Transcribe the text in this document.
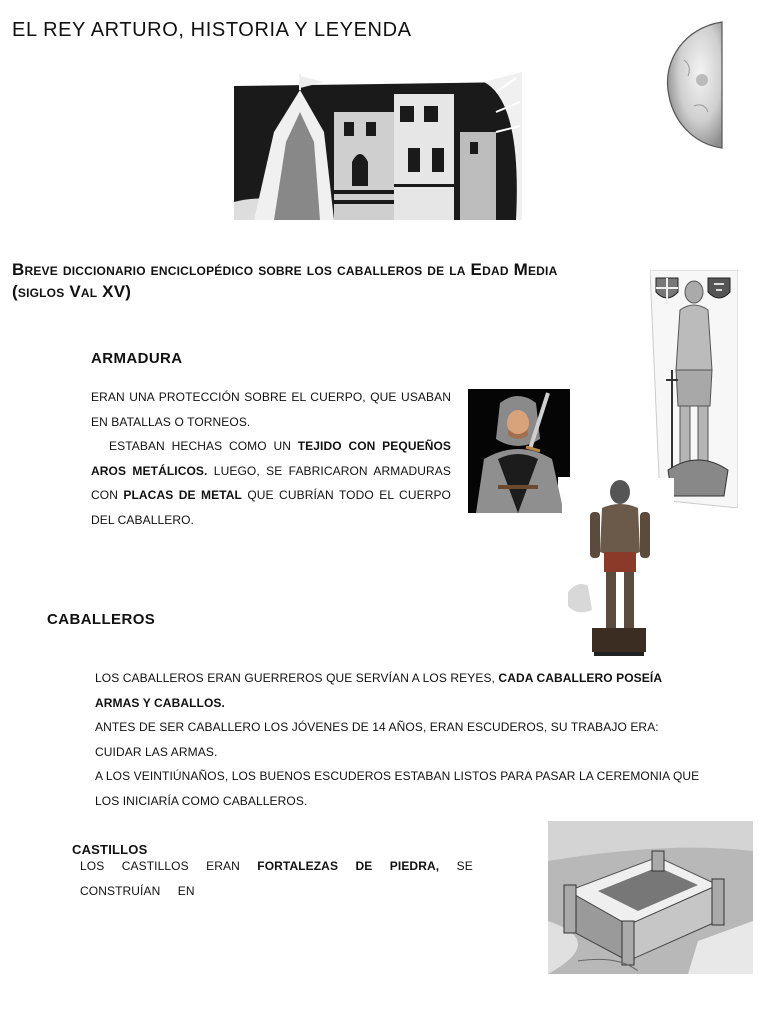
EL REY ARTURO, HISTORIA Y LEYENDA
Breve diccionario enciclopédico sobre los caballeros de la Edad Media
(siglos Val XV)
ARMADURA

ERAN UNA PROTECCIÓN SOBRE EL CUERPO, QUE USABAN EN BATALLAS O TORNEOS.

ESTABAN HECHAS COMO UN TEJIDO CON PEQUEÑOS AROS METÁLICOS. LUEGO, SE FABRICARON ARMADURAS CON PLACAS DE METAL QUE CUBRÍAN TODO EL CUERPO DEL CABALLERO.

CABALLEROS

LOS CABALLEROS ERAN GUERREROS QUE SERVÍAN A LOS REYES, CADA CABALLERO POSEÍA ARMAS Y CABALLOS.

ANTES DE SER CABALLERO LOS JÓVENES DE 14 AÑOS, ERAN ESCUDEROS, SU TRABAJO ERA: CUIDAR LAS ARMAS.

A LOS VEINTIÚNAÑOS, LOS BUENOS ESCUDEROS ESTABAN LISTOS PARA PASAR LA CEREMONIA QUE LOS INICIARÍA COMO CABALLEROS.

CASTILLOS
LOS CASTILLOS ERAN FORTALEZAS DE PIEDRA, SE CONSTRUÍAN EN
